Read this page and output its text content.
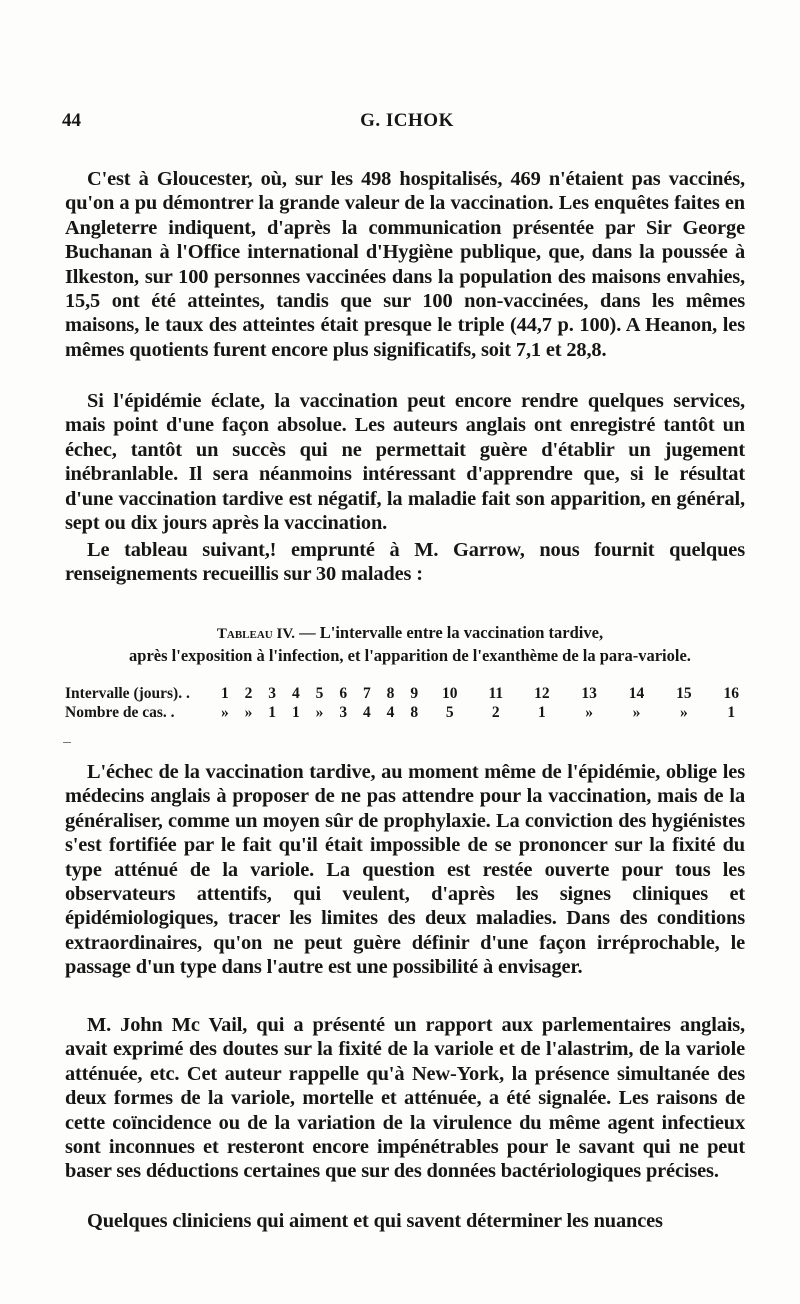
44	G. ICHOK

C'est à Gloucester, où, sur les 498 hospitalisés, 469 n'étaient pas vaccinés, qu'on a pu démontrer la grande valeur de la vaccination. Les enquêtes faites en Angleterre indiquent, d'après la communication présentée par Sir George Buchanan à l'Office international d'Hygiène publique, que, dans la poussée à Ilkeston, sur 100 personnes vaccinées dans la population des maisons envahies, 15,5 ont été atteintes, tandis que sur 100 non-vaccinées, dans les mêmes maisons, le taux des atteintes était presque le triple (44,7 p. 100). A Heanon, les mêmes quotients furent encore plus significatifs, soit 7,1 et 28,8.

Si l'épidémie éclate, la vaccination peut encore rendre quelques services, mais point d'une façon absolue. Les auteurs anglais ont enregistré tantôt un échec, tantôt un succès qui ne permettait guère d'établir un jugement inébranlable. Il sera néanmoins intéressant d'apprendre que, si le résultat d'une vaccination tardive est négatif, la maladie fait son apparition, en général, sept ou dix jours après la vaccination.

Le tableau suivant,! emprunté à M. Garrow, nous fournit quelques renseignements recueillis sur 30 malades :

Tableau IV. — L'intervalle entre la vaccination tardive,
après l'exposition à l'infection, et l'apparition de l'exanthème de la para-variole.
Intervalle (jours). .	1	2	3	4	5	6	7	8	9	10	11	12	13	14	15	16
Nombre de cas. .	»	»	1	1	»	3	4	4	8	5	2	1	»	»	»	1

L'échec de la vaccination tardive, au moment même de l'épidémie, oblige les médecins anglais à proposer de ne pas attendre pour la vaccination, mais de la généraliser, comme un moyen sûr de prophylaxie. La conviction des hygiénistes s'est fortifiée par le fait qu'il était impossible de se prononcer sur la fixité du type atténué de la variole. La question est restée ouverte pour tous les observateurs attentifs, qui veulent, d'après les signes cliniques et épidémiologiques, tracer les limites des deux maladies. Dans des conditions extraordinaires, qu'on ne peut guère définir d'une façon irréprochable, le passage d'un type dans l'autre est une possibilité à envisager.

M. John Mc Vail, qui a présenté un rapport aux parlementaires anglais, avait exprimé des doutes sur la fixité de la variole et de l'alastrim, de la variole atténuée, etc. Cet auteur rappelle qu'à New-York, la présence simultanée des deux formes de la variole, mortelle et atténuée, a été signalée. Les raisons de cette coïncidence ou de la variation de la virulence du même agent infectieux sont inconnues et resteront encore impénétrables pour le savant qui ne peut baser ses déductions certaines que sur des données bactériologiques précises.

Quelques cliniciens qui aiment et qui savent déterminer les nuances
